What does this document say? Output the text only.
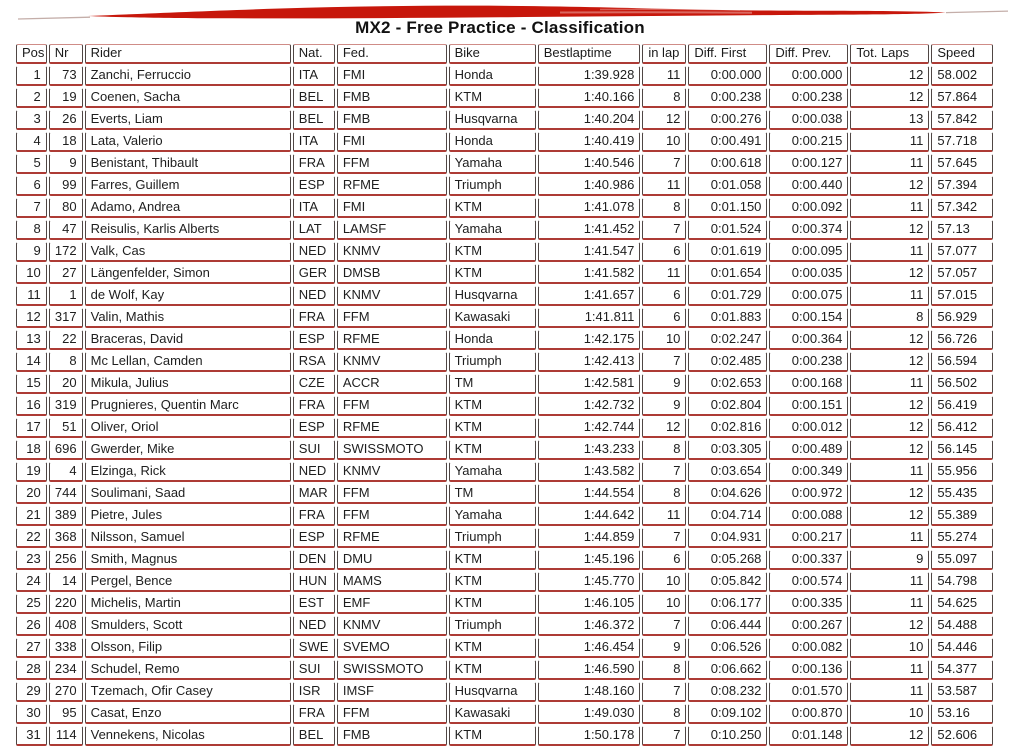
MX2 - Free Practice - Classification
Pos	Nr	Rider	Nat.	Fed.	Bike	Bestlaptime	in lap	Diff. First	Diff. Prev.	Tot. Laps	Speed
1	73	Zanchi, Ferruccio	ITA	FMI	Honda	1:39.928	11	0:00.000	0:00.000	12	58.002
2	19	Coenen, Sacha	BEL	FMB	KTM	1:40.166	8	0:00.238	0:00.238	12	57.864
3	26	Everts, Liam	BEL	FMB	Husqvarna	1:40.204	12	0:00.276	0:00.038	13	57.842
4	18	Lata, Valerio	ITA	FMI	Honda	1:40.419	10	0:00.491	0:00.215	11	57.718
5	9	Benistant, Thibault	FRA	FFM	Yamaha	1:40.546	7	0:00.618	0:00.127	11	57.645
6	99	Farres, Guillem	ESP	RFME	Triumph	1:40.986	11	0:01.058	0:00.440	12	57.394
7	80	Adamo, Andrea	ITA	FMI	KTM	1:41.078	8	0:01.150	0:00.092	11	57.342
8	47	Reisulis, Karlis Alberts	LAT	LAMSF	Yamaha	1:41.452	7	0:01.524	0:00.374	12	57.13
9	172	Valk, Cas	NED	KNMV	KTM	1:41.547	6	0:01.619	0:00.095	11	57.077
10	27	Längenfelder, Simon	GER	DMSB	KTM	1:41.582	11	0:01.654	0:00.035	12	57.057
11	1	de Wolf, Kay	NED	KNMV	Husqvarna	1:41.657	6	0:01.729	0:00.075	11	57.015
12	317	Valin, Mathis	FRA	FFM	Kawasaki	1:41.811	6	0:01.883	0:00.154	8	56.929
13	22	Braceras, David	ESP	RFME	Honda	1:42.175	10	0:02.247	0:00.364	12	56.726
14	8	Mc Lellan, Camden	RSA	KNMV	Triumph	1:42.413	7	0:02.485	0:00.238	12	56.594
15	20	Mikula, Julius	CZE	ACCR	TM	1:42.581	9	0:02.653	0:00.168	11	56.502
16	319	Prugnieres, Quentin Marc	FRA	FFM	KTM	1:42.732	9	0:02.804	0:00.151	12	56.419
17	51	Oliver, Oriol	ESP	RFME	KTM	1:42.744	12	0:02.816	0:00.012	12	56.412
18	696	Gwerder, Mike	SUI	SWISSMOTO	KTM	1:43.233	8	0:03.305	0:00.489	12	56.145
19	4	Elzinga, Rick	NED	KNMV	Yamaha	1:43.582	7	0:03.654	0:00.349	11	55.956
20	744	Soulimani, Saad	MAR	FFM	TM	1:44.554	8	0:04.626	0:00.972	12	55.435
21	389	Pietre, Jules	FRA	FFM	Yamaha	1:44.642	11	0:04.714	0:00.088	12	55.389
22	368	Nilsson, Samuel	ESP	RFME	Triumph	1:44.859	7	0:04.931	0:00.217	11	55.274
23	256	Smith, Magnus	DEN	DMU	KTM	1:45.196	6	0:05.268	0:00.337	9	55.097
24	14	Pergel, Bence	HUN	MAMS	KTM	1:45.770	10	0:05.842	0:00.574	11	54.798
25	220	Michelis, Martin	EST	EMF	KTM	1:46.105	10	0:06.177	0:00.335	11	54.625
26	408	Smulders, Scott	NED	KNMV	Triumph	1:46.372	7	0:06.444	0:00.267	12	54.488
27	338	Olsson, Filip	SWE	SVEMO	KTM	1:46.454	9	0:06.526	0:00.082	10	54.446
28	234	Schudel, Remo	SUI	SWISSMOTO	KTM	1:46.590	8	0:06.662	0:00.136	11	54.377
29	270	Tzemach, Ofir Casey	ISR	IMSF	Husqvarna	1:48.160	7	0:08.232	0:01.570	11	53.587
30	95	Casat, Enzo	FRA	FFM	Kawasaki	1:49.030	8	0:09.102	0:00.870	10	53.16
31	114	Vennekens, Nicolas	BEL	FMB	KTM	1:50.178	7	0:10.250	0:01.148	12	52.606
